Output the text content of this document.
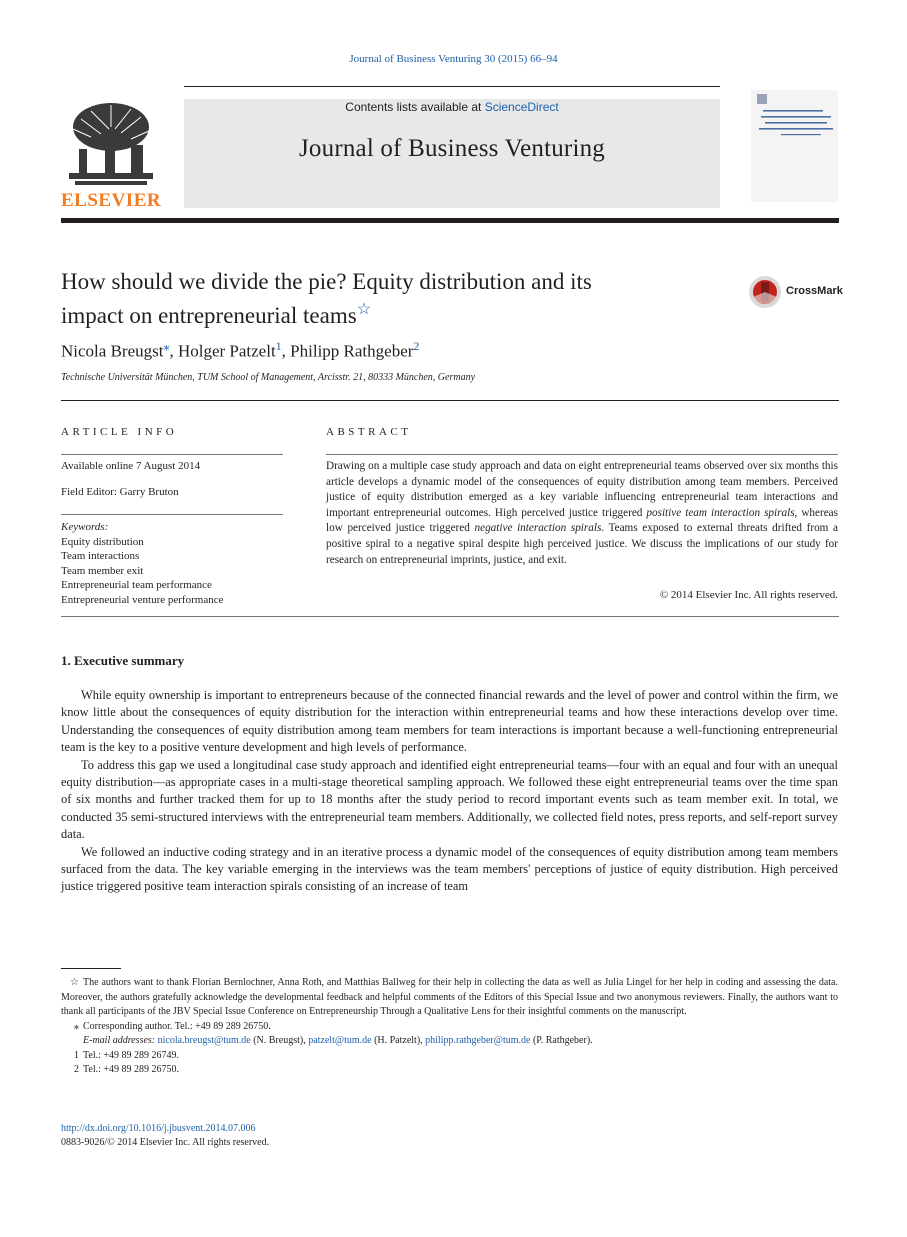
Journal of Business Venturing 30 (2015) 66–94
ELSEVIER
Contents lists available at ScienceDirect
Journal of Business Venturing
How should we divide the pie? Equity distribution and its
impact on entrepreneurial teams☆
CrossMark
Nicola Breugst⁎, Holger Patzelt$^1$, Philipp Rathgeber$^2$
Technische Universität München, TUM School of Management, Arcisstr. 21, 80333 München, Germany
ARTICLE INFO
Available online 7 August 2014
Field Editor: Garry Bruton
Keywords:
Equity distribution
Team interactions
Team member exit
Entrepreneurial team performance
Entrepreneurial venture performance
ABSTRACT
Drawing on a multiple case study approach and data on eight entrepreneurial teams observed over six months this article develops a dynamic model of the consequences of equity distribution among team members. Perceived justice of equity distribution emerged as a key variable influencing entrepreneurial team interactions and important entrepreneurial outcomes. High perceived justice triggered positive team interaction spirals, whereas low perceived justice triggered negative interaction spirals. Teams exposed to external threats drifted from a positive spiral to a negative spiral despite high perceived justice. We discuss the implications of our study for research on entrepreneurial imprints, justice, and exit.
© 2014 Elsevier Inc. All rights reserved.
1. Executive summary

While equity ownership is important to entrepreneurs because of the connected financial rewards and the level of power and control within the firm, we know little about the consequences of equity distribution for the interaction within entrepreneurial teams and how these interactions develop over time. Understanding the consequences of equity distribution among team members for team interactions is important because a well-functioning entrepreneurial team is the key to a positive venture development and high levels of performance.

To address this gap we used a longitudinal case study approach and identified eight entrepreneurial teams—four with an equal and four with an unequal equity distribution—as appropriate cases in a multi-stage theoretical sampling approach. We followed these eight entrepreneurial teams over the time span of six months and further tracked them for up to 18 months after the study period to record important events such as team member exit. In total, we conducted 35 semi-structured interviews with the entrepreneurial team members. Additionally, we collected field notes, press reports, and self-report survey data.

We followed an inductive coding strategy and in an iterative process a dynamic model of the consequences of equity distribution among team members surfaced from the data. The key variable emerging in the interviews was the team members' perceptions of justice of equity distribution. High perceived justice triggered positive team interaction spirals consisting of an increase of team

☆ The authors want to thank Florian Bernlochner, Anna Roth, and Matthias Ballweg for their help in collecting the data as well as Julia Lingel for her help in coding and assessing the data. Moreover, the authors gratefully acknowledge the developmental feedback and helpful comments of the Editors of this Special Issue and two anonymous reviewers. Finally, the authors want to thank all participants of the JBV Special Issue Conference on Entrepreneurship Through a Qualitative Lens for their insightful comments on the manuscript.
⁎ Corresponding author. Tel.: +49 89 289 26750.
E-mail addresses: nicola.breugst@tum.de (N. Breugst), patzelt@tum.de (H. Patzelt), philipp.rathgeber@tum.de (P. Rathgeber).
1 Tel.: +49 89 289 26749.
2 Tel.: +49 89 289 26750.
http://dx.doi.org/10.1016/j.jbusvent.2014.07.006
0883-9026/© 2014 Elsevier Inc. All rights reserved.
